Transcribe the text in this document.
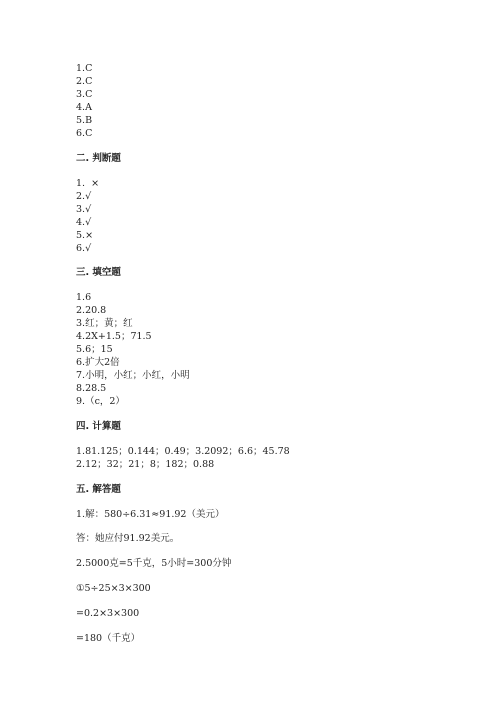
1.C
2.C
3.C
4.A
5.B
6.C
二. 判断题
1.  ×
2.√
3.√
4.√
5.×
6.√
三. 填空题
1.6
2.20.8
3.红；黄；红
4.2X+1.5；71.5
5.6；15
6.扩大2倍
7.小明，小红；小红，小明
8.28.5
9.（c，2）
四. 计算题
1.81.125；0.144；0.49；3.2092；6.6；45.78
2.12；32；21；8；182；0.88
五. 解答题
1.解：580÷6.31≈91.92（美元）
答：她应付91.92美元。
2.5000克=5千克，5小时=300分钟
①5÷25×3×300
=0.2×3×300
=180（千克）
